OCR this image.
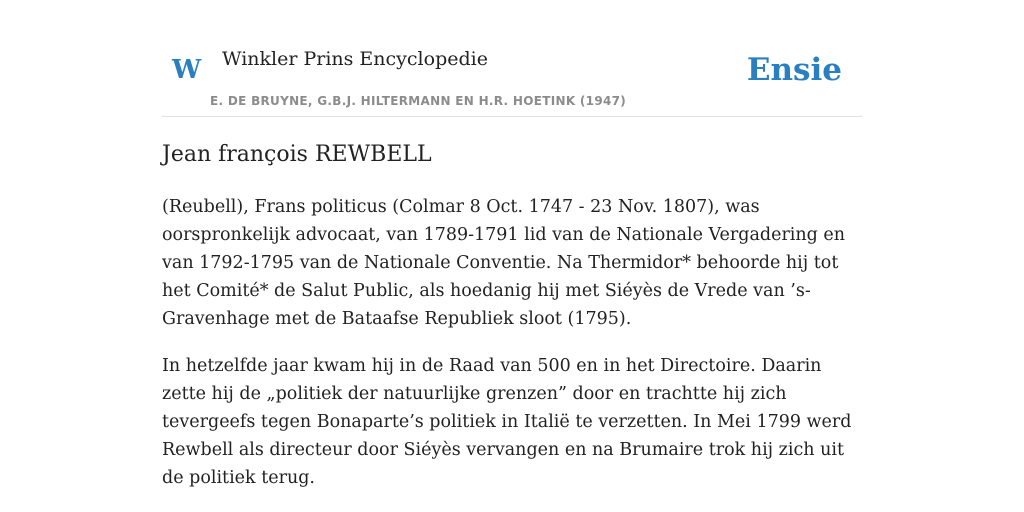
W Winkler Prins Encyclopedie
E. DE BRUYNE, G.B.J. HILTERMANN EN H.R. HOETINK (1947)
Ensie
Jean françois REWBELL

(Reubell), Frans politicus (Colmar 8 Oct. 1747 - 23 Nov. 1807), was oorspronkelijk advocaat, van 1789-1791 lid van de Nationale Vergadering en van 1792-1795 van de Nationale Conventie. Na Thermidor* behoorde hij tot het Comité* de Salut Public, als hoedanig hij met Siéyès de Vrede van ’s-Gravenhage met de Bataafse Republiek sloot (1795).

In hetzelfde jaar kwam hij in de Raad van 500 en in het Directoire. Daarin zette hij de „politiek der natuurlijke grenzen” door en trachtte hij zich tevergeefs tegen Bonaparte’s politiek in Italië te verzetten. In Mei 1799 werd Rewbell als directeur door Siéyès vervangen en na Brumaire trok hij zich uit de politiek terug.
